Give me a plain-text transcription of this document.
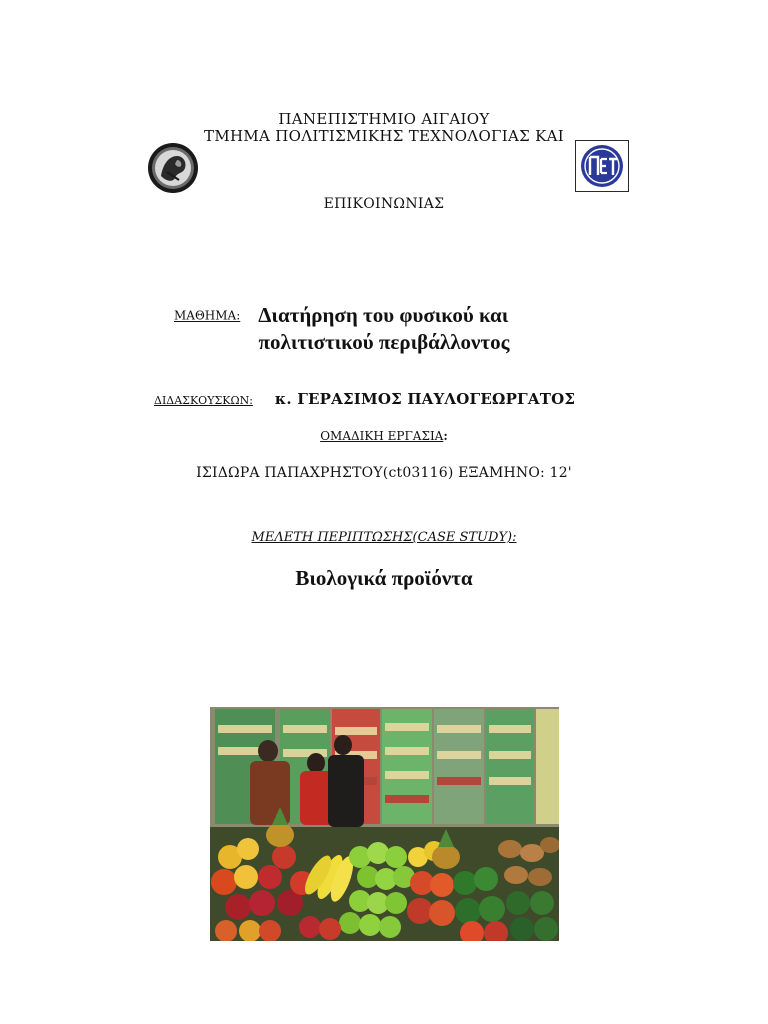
ΠΑΝΕΠΙΣΤΗΜΙΟ ΑΙΓΑΙΟΥ
ΤΜΗΜΑ ΠΟΛΙΤΙΣΜΙΚΗΣ ΤΕΧΝΟΛΟΓΙΑΣ ΚΑΙ
ΕΠΙΚΟΙΝΩΝΙΑΣ
ΜΑΘΗΜΑ: Διατήρηση του φυσικού και
πολιτιστικού περιβάλλοντος
ΔΙΔΑΣΚΟΥΣΚΩΝ: κ. ΓΕΡΑΣΙΜΟΣ ΠΑΥΛΟΓΕΩΡΓΑΤΟΣ
ΟΜΑΔΙΚΗ ΕΡΓΑΣΙΑ:
ΙΣΙΔΩΡΑ ΠΑΠΑΧΡΗΣΤΟΥ(ct03116) ΕΞΑΜΗΝΟ: 12'
ΜΕΛΕΤΗ ΠΕΡΙΠΤΩΣΗΣ(CASE STUDY):
Βιολογικά προϊόντα
